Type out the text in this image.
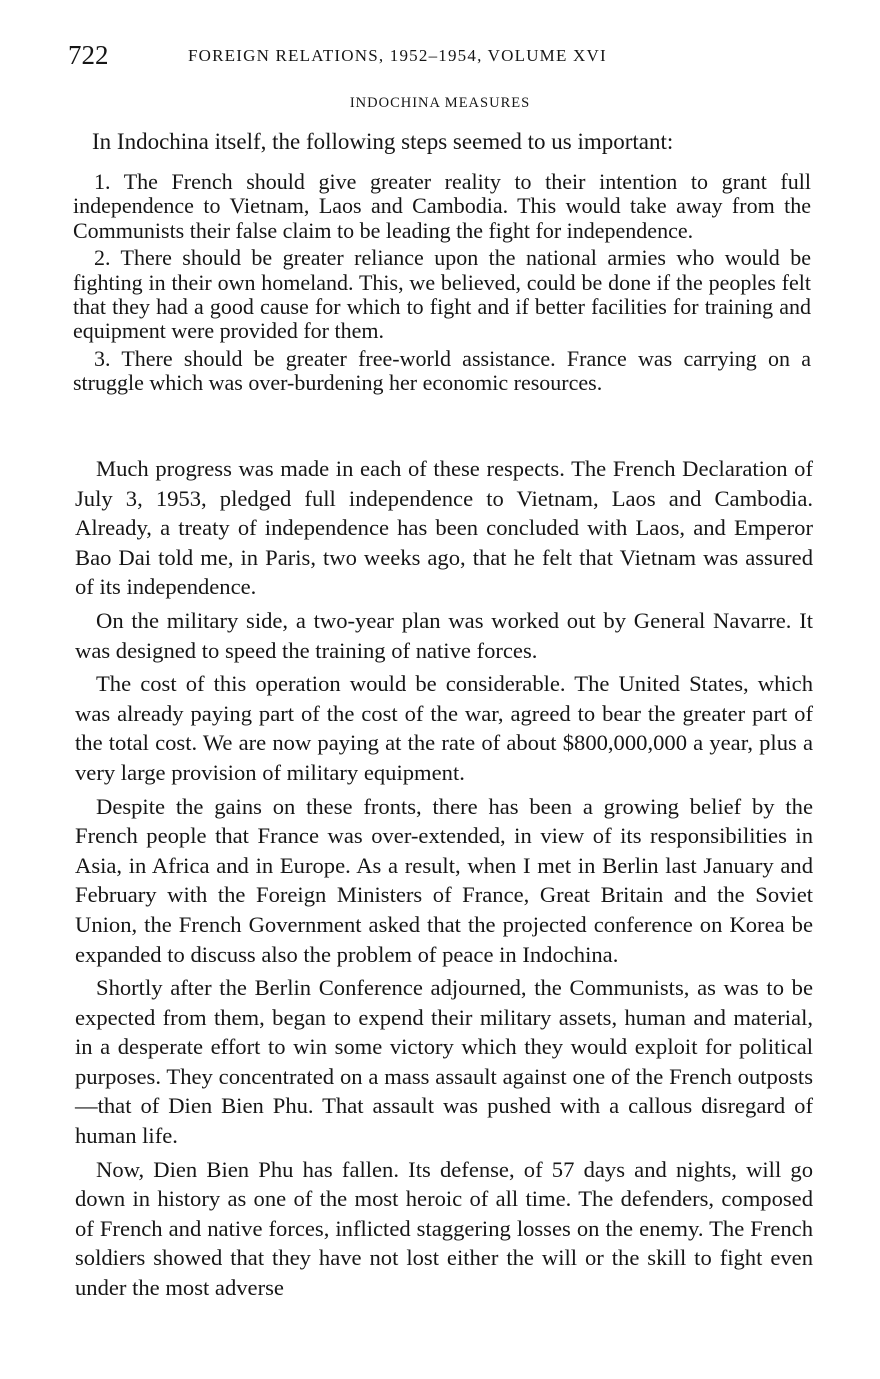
722	FOREIGN RELATIONS, 1952–1954, VOLUME XVI
INDOCHINA MEASURES
In Indochina itself, the following steps seemed to us important:

1. The French should give greater reality to their intention to grant full independence to Vietnam, Laos and Cambodia. This would take away from the Communists their false claim to be leading the fight for independence.

2. There should be greater reliance upon the national armies who would be fighting in their own homeland. This, we believed, could be done if the peoples felt that they had a good cause for which to fight and if better facilities for training and equipment were provided for them.

3. There should be greater free-world assistance. France was carrying on a struggle which was over-burdening her economic resources.

Much progress was made in each of these respects. The French Declaration of July 3, 1953, pledged full independence to Vietnam, Laos and Cambodia. Already, a treaty of independence has been concluded with Laos, and Emperor Bao Dai told me, in Paris, two weeks ago, that he felt that Vietnam was assured of its independence.

On the military side, a two-year plan was worked out by General Navarre. It was designed to speed the training of native forces.

The cost of this operation would be considerable. The United States, which was already paying part of the cost of the war, agreed to bear the greater part of the total cost. We are now paying at the rate of about $800,000,000 a year, plus a very large provision of military equipment.

Despite the gains on these fronts, there has been a growing belief by the French people that France was over-extended, in view of its responsibilities in Asia, in Africa and in Europe. As a result, when I met in Berlin last January and February with the Foreign Ministers of France, Great Britain and the Soviet Union, the French Government asked that the projected conference on Korea be expanded to discuss also the problem of peace in Indochina.

Shortly after the Berlin Conference adjourned, the Communists, as was to be expected from them, began to expend their military assets, human and material, in a desperate effort to win some victory which they would exploit for political purposes. They concentrated on a mass assault against one of the French outposts—that of Dien Bien Phu. That assault was pushed with a callous disregard of human life.

Now, Dien Bien Phu has fallen. Its defense, of 57 days and nights, will go down in history as one of the most heroic of all time. The defenders, composed of French and native forces, inflicted staggering losses on the enemy. The French soldiers showed that they have not lost either the will or the skill to fight even under the most adverse
